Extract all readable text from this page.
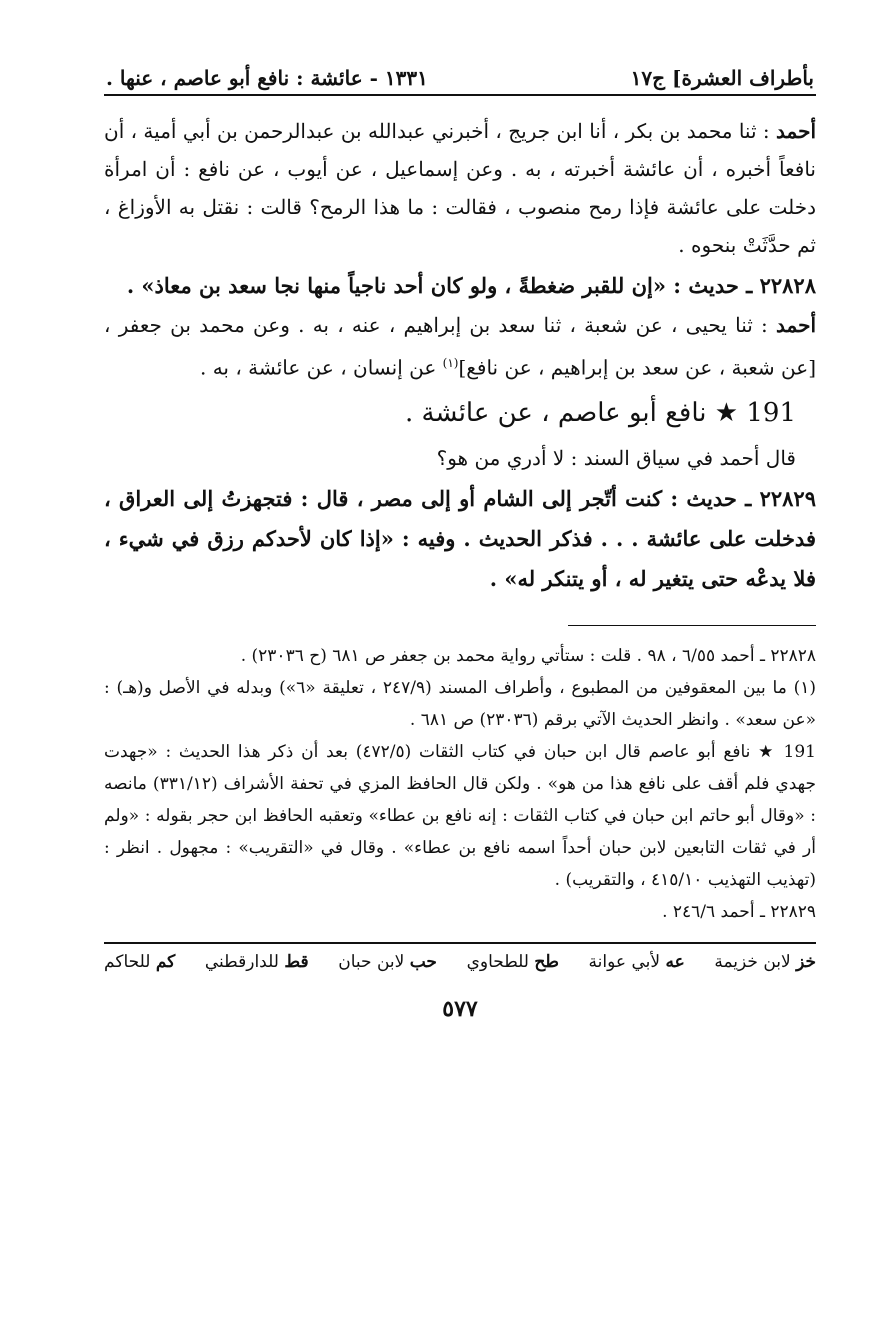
بأطراف العشرة] ج١٧
١٣٣١ - عائشة : نافع أبو عاصم ، عنها .

أحمد : ثنا محمد بن بكر ، أنا ابن جريج ، أخبرني عبدالله بن عبدالرحمن بن أبي أمية ، أن نافعاً أخبره ، أن عائشة أخبرته ، به . وعن إسماعيل ، عن أيوب ، عن نافع : أن امرأة دخلت على عائشة فإذا رمح منصوب ، فقالت : ما هذا الرمح؟ قالت : نقتل به الأوزاغ ، ثم حدَّثَتْ بنحوه .

٢٢٨٢٨ ـ حديث : «إن للقبر ضغطةً ، ولو كان أحد ناجياً منها نجا سعد بن معاذ» .

أحمد : ثنا يحيى ، عن شعبة ، ثنا سعد بن إبراهيم ، عنه ، به . وعن محمد بن جعفر ، [عن شعبة ، عن سعد بن إبراهيم ، عن نافع]$^{(١)}$ عن إنسان ، عن عائشة ، به .

191 ★ نافع أبو عاصم ، عن عائشة .

قال أحمد في سياق السند : لا أدري من هو؟

٢٢٨٢٩ ـ حديث : كنت أتّجر إلى الشام أو إلى مصر ، قال : فتجهزتُ إلى العراق ، فدخلت على عائشة . . . فذكر الحديث . وفيه : «إذا كان لأحدكم رزق في شيء ، فلا يدعْه حتى يتغير له ، أو يتنكر له» .

٢٢٨٢٨ ـ أحمد ٦/٥٥ ، ٩٨ . قلت : ستأتي رواية محمد بن جعفر ص ٦٨١ (ح ٢٣٠٣٦) .

(١) ما بين المعقوفين من المطبوع ، وأطراف المسند (٢٤٧/٩ ، تعليقة «٦») وبدله في الأصل و(هـ) : «عن سعد» . وانظر الحديث الآتي برقم (٢٣٠٣٦) ص ٦٨١ .

191 ★ نافع أبو عاصم قال ابن حبان في كتاب الثقات (٤٧٢/٥) بعد أن ذكر هذا الحديث : «جهدت جهدي فلم أقف على نافع هذا من هو» . ولكن قال الحافظ المزي في تحفة الأشراف (٣٣١/١٢) مانصه : «وقال أبو حاتم ابن حبان في كتاب الثقات : إنه نافع بن عطاء» وتعقبه الحافظ ابن حجر بقوله : «ولم أر في ثقات التابعين لابن حبان أحداً اسمه نافع بن عطاء» . وقال في «التقريب» : مجهول . انظر : (تهذيب التهذيب ٤١٥/١٠ ، والتقريب) .

٢٢٨٢٩ ـ أحمد ٢٤٦/٦ .

خز لابن خزيمة
عه لأبي عوانة
طح للطحاوي
حب لابن حبان
قط للدارقطني
كم للحاكم
٥٧٧
